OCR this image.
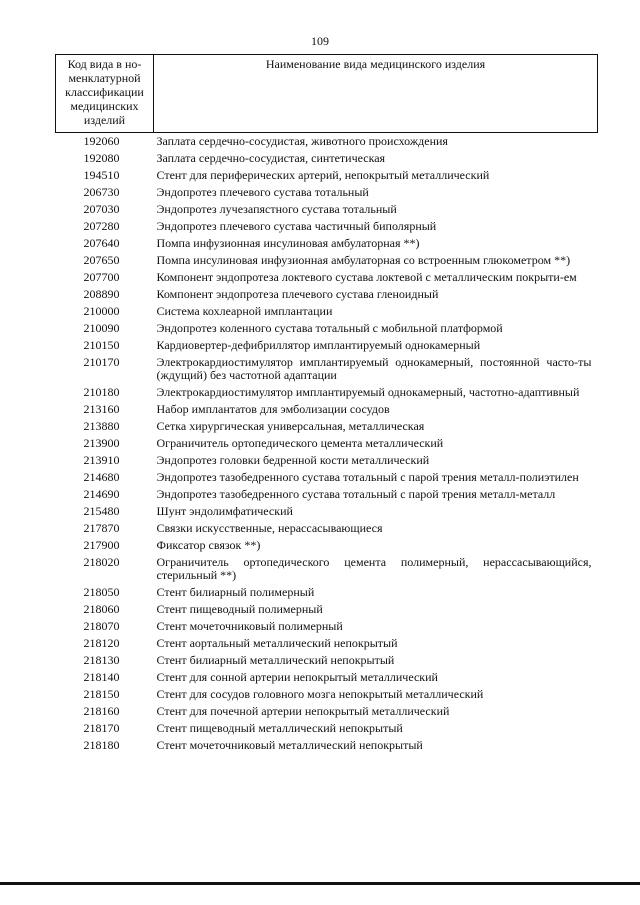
109
Код вида в но-менклатурной классификации медицинских изделий	Наименование вида медицинского изделия
192060	Заплата сердечно-сосудистая, животного происхождения
192080	Заплата сердечно-сосудистая, синтетическая
194510	Стент для периферических артерий, непокрытый металлический
206730	Эндопротез плечевого сустава тотальный
207030	Эндопротез лучезапястного сустава тотальный
207280	Эндопротез плечевого сустава частичный биполярный
207640	Помпа инфузионная инсулиновая амбулаторная **)
207650	Помпа инсулиновая инфузионная амбулаторная со встроенным глюкометром **)
207700	Компонент эндопротеза локтевого сустава локтевой с металлическим покрыти-ем
208890	Компонент эндопротеза плечевого сустава гленоидный
210000	Система кохлеарной имплантации
210090	Эндопротез коленного сустава тотальный с мобильной платформой
210150	Кардиовертер-дефибриллятор имплантируемый однокамерный
210170	Электрокардиостимулятор имплантируемый однокамерный, постоянной часто-ты (ждущий) без частотной адаптации
210180	Электрокардиостимулятор имплантируемый однокамерный, частотно-адаптивный
213160	Набор имплантатов для эмболизации сосудов
213880	Сетка хирургическая универсальная, металлическая
213900	Ограничитель ортопедического цемента металлический
213910	Эндопротез головки бедренной кости металлический
214680	Эндопротез тазобедренного сустава тотальный с парой трения металл-полиэтилен
214690	Эндопротез тазобедренного сустава тотальный с парой трения металл-металл
215480	Шунт эндолимфатический
217870	Связки искусственные, нерассасывающиеся
217900	Фиксатор связок **)
218020	Ограничитель ортопедического цемента полимерный, нерассасывающийся, стерильный **)
218050	Стент билиарный полимерный
218060	Стент пищеводный полимерный
218070	Стент мочеточниковый полимерный
218120	Стент аортальный металлический непокрытый
218130	Стент билиарный металлический непокрытый
218140	Стент для сонной артерии непокрытый металлический
218150	Стент для сосудов головного мозга непокрытый металлический
218160	Стент для почечной артерии непокрытый металлический
218170	Стент пищеводный металлический непокрытый
218180	Стент мочеточниковый металлический непокрытый
